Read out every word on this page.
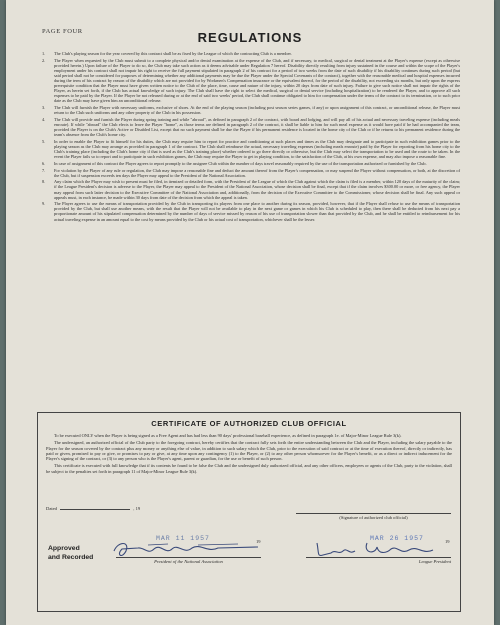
PAGE FOUR	REGULATIONS
1.	The Club's playing season for the year covered by this contract shall be as fixed by the League of which the contracting Club is a member.
2.	The Player when requested by the Club must submit to a complete physical and/or dental examination at the expense of the Club, and if necessary, to medical, surgical or dental treatment at the Player's expense (except as otherwise provided herein.) Upon failure of the Player to do so, the Club may take such action as it deems advisable under Regulation 7 hereof. Disability directly resulting from injury sustained in the course and within the scope of the Player's employment under his contract shall not impair his right to receive the full payment stipulated in paragraph 2 of his contract for a period of two weeks from the date of such disability if his disability continues during such period (but said period shall not be considered for purposes of determining whether any additional payments may be due the Player under the Special Covenants of the contract), together with the reasonable medical and hospital expenses incurred during the term of his contract by reason of the disability which are not provided for by Workmen's Compensation insurance or the equivalent thereof, for the period of the disability, not exceeding six months, but only upon the express prerequisite condition that the Player must have given written notice to the Club of the place, time, cause and nature of the injury, within 20 days from date of such injury. Failure to give such notice shall not impair the rights of the Player, as herein set forth, if the Club has actual knowledge of such injury. The Club shall have the right to select the medical, surgical or dental service (including hospitalization) to be rendered the Player, and to approve all such expenses to be paid by the Player. If the Player be not released during or at the end of said two weeks' period, the Club shall continue obligated to him for compensation under the terms of the contract to its termination, or to such prior date as the Club may have given him an unconditional release.
3.	The Club will furnish the Player with necessary uniforms, exclusive of shoes. At the end of the playing season (including post season series games, if any) or upon assignment of this contract, or unconditional release, the Player must return to the Club such uniforms and any other property of the Club in his possession.
4.	The Club will provide and furnish the Player during spring training and while "abroad", as defined in paragraph 2 of the contract, with board and lodging, and will pay all of his actual and necessary traveling expense (including meals enroute). If while "abroad" the Club elects to leave the Player "home", as those terms are defined in paragraph 2 of the contract, it shall be liable to him for such meal expense as it would have paid if he had accompanied the team, provided the Player is on the Club's Active or Disabled List, except that no such payment shall be due the Player if his permanent residence is located in the home city of the Club or if he returns to his permanent residence during the team's absence from the Club's home city.
5.	In order to enable the Player to fit himself for his duties, the Club may require him to report for practice and conditioning at such places and times as the Club may designate and to participate in such exhibition games prior to the playing season as the Club may arrange as provided in paragraph 1 of the contract. The Club shall reimburse the actual, necessary traveling expenses (including meals enroute) paid by the Player for reporting from his home city to the Club's training place (including the Club's home city if that is used as the Club's training place) whether ordered to go there directly or otherwise, but the Club may select the transportation to be used and the route to be taken. In the event the Player fails so to report and to participate in such exhibition games, the Club may require the Player to get in playing condition, to the satisfaction of the Club, at his own expense, and may also impose a reasonable fine.
6.	In case of assignment of this contract the Player agrees to report promptly to the assignee Club within the number of days travel reasonably required by the use of the transportation authorized or furnished by the Club.
7.	For violation by the Player of any rule or regulation, the Club may impose a reasonable fine and deduct the amount thereof from the Player's compensation, or may suspend the Player without compensation, or both, at the discretion of the Club, but if suspension exceeds ten days the Player may appeal to the President of the National Association.
8.	Any claim which the Player may wish to present must be filed, in itemized or detailed form, with the President of the League of which the Club against which the claim is filed is a member, within 120 days of the maturity of the claim; if the League President's decision is adverse to the Player, the Player may appeal to the President of the National Association, whose decision shall be final, except that if the claim involves $300.00 or more, or free agency, the Player may appeal from such latter decision to the Executive Committee of the National Association and, additionally, from the decision of the Executive Committee to the Commissioner, whose decision shall be final. Any such appeal or appeals must, in each instance, be made within 30 days from date of the decision from which the appeal is taken.
9.	The Player agrees to use the means of transportation provided by the Club in transporting its players from one place to another during its season, provided, however, that if the Player shall refuse to use the means of transportation provided by the Club, but shall use another means, with the result that the Player will not be available to play in the next game or games in which his Club is scheduled to play, then there shall be deducted from his next pay a proportionate amount of his stipulated compensation determined by the number of days of service missed by reason of his use of transportation slower than that provided by the Club, and he shall be entitled to reimbursement for his actual traveling expense in an amount equal to the cost by means provided by the Club or his actual cost of transportation, whichever shall be the lesser.
CERTIFICATE OF AUTHORIZED CLUB OFFICIAL

To be executed ONLY when the Player is being signed as a Free Agent and has had less than 90 days' professional baseball experience, as defined in paragraph 1e. of Major-Minor League Rule 3(k).

The undersigned, an authorized official of the Club party to the foregoing contract, hereby certifies that the contract fully sets forth the entire understanding between the Club and the Player, including the salary payable to the Player for the season covered by the contract plus any money or anything else of value, in addition to such salary which the Club, prior to the execution of said contract or at the time of execution thereof, directly or indirectly, has paid or given, promised to pay or give, or promises to pay or give, at any time upon any contingency (1) to the Player, or (2) to any other person whomsoever for the Player's benefit, or as a direct or indirect inducement for the Player's signing of the contract, or (3) to any person who is the Player's agent, parent or guardian, for the use or benefit of such person.

This certificate is executed with full knowledge that if its contents be found to be false the Club and the undersigned duly authorized official, and any other officers, employees or agents of the Club, party to the violation, shall be subject to the penalties set forth in paragraph 11 of Major-Minor League Rule 3(k).

Dated	, 19
(Signature of authorized club official)
Approved
and Recorded
MAR 11 1957	19	MAR 26 1957	19
President of the National Association	League President
